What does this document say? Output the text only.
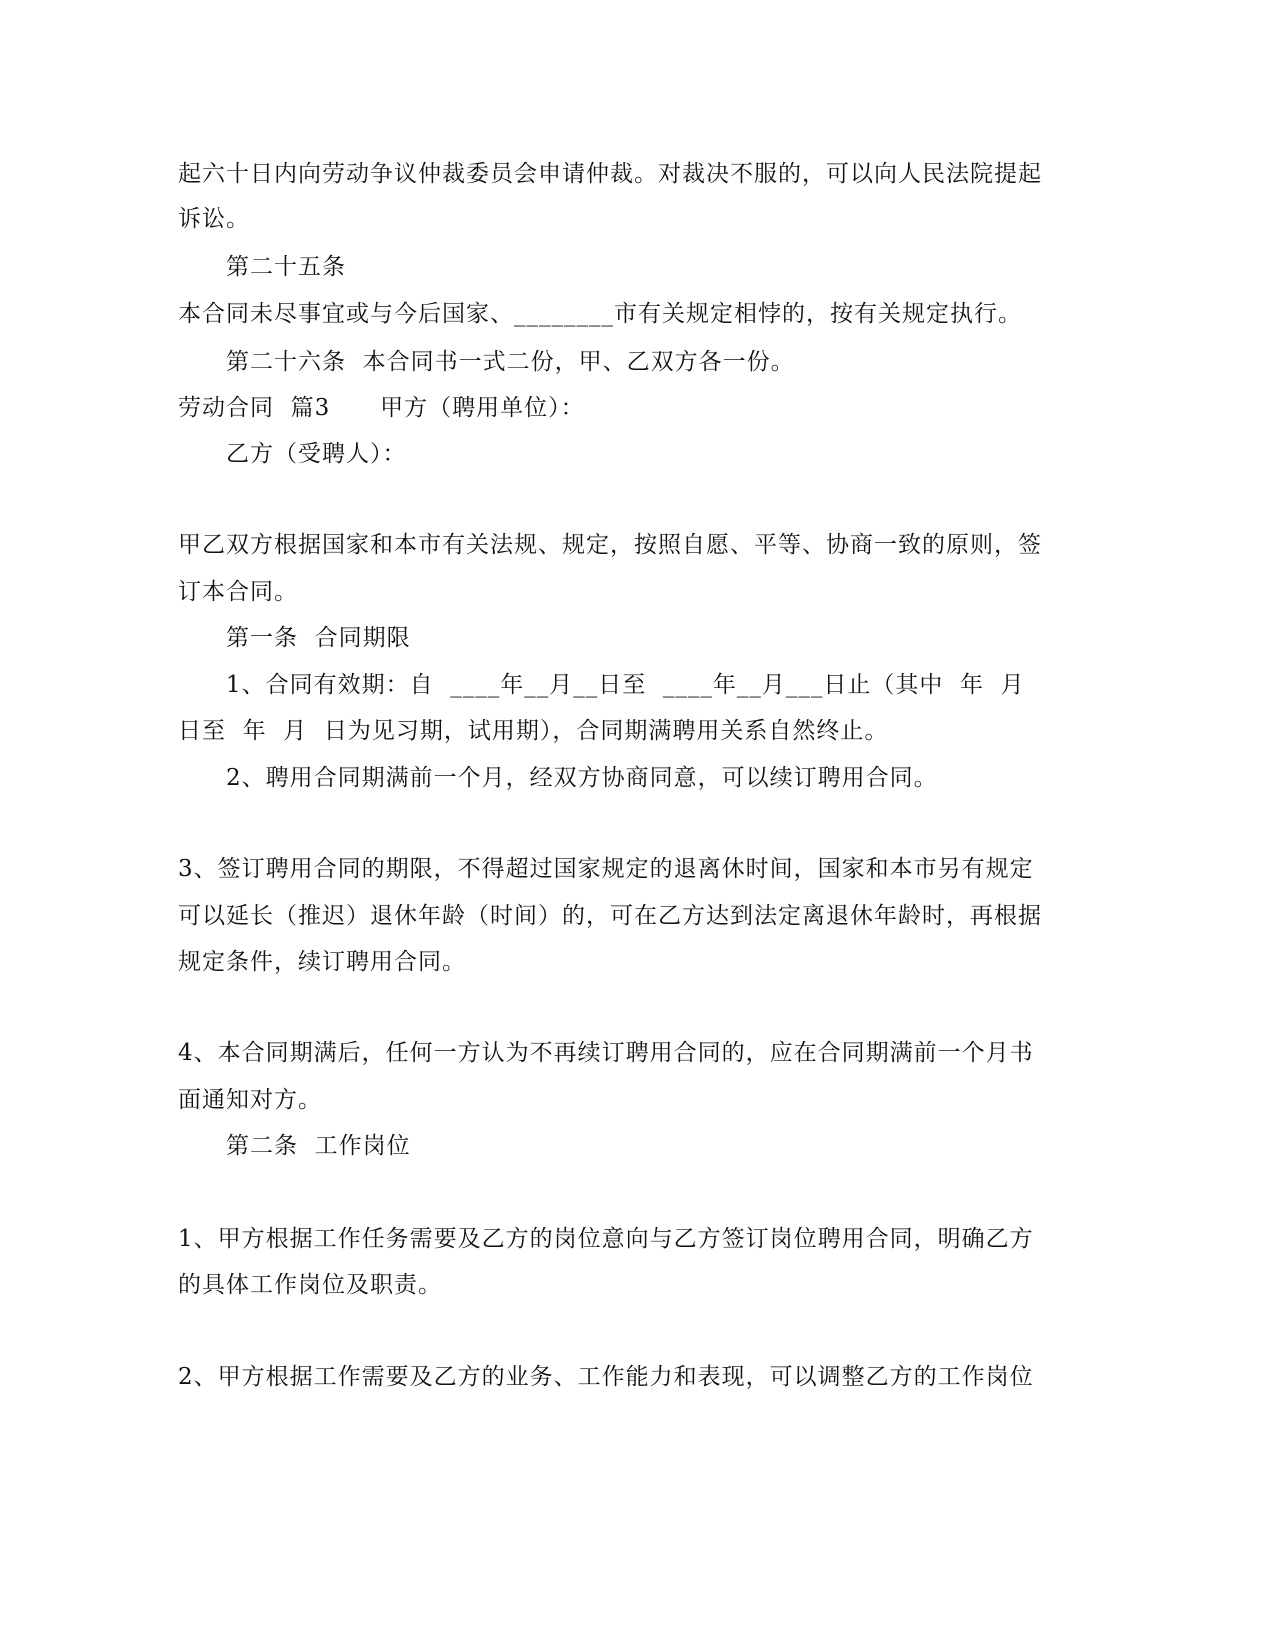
起六十日内向劳动争议仲裁委员会申请仲裁。对裁决不服的，可以向人民法院提起
诉讼。
第二十五条
本合同未尽事宜或与今后国家、________市有关规定相悖的，按有关规定执行。
第二十六条  本合同书一式二份，甲、乙双方各一份。
劳动合同  篇3      甲方（聘用单位）：
乙方（受聘人）：
甲乙双方根据国家和本市有关法规、规定，按照自愿、平等、协商一致的原则，签
订本合同。
第一条  合同期限
1、合同有效期：自  ____年__月__日至  ____年__月___日止（其中  年  月
日至  年  月  日为见习期，试用期），合同期满聘用关系自然终止。
2、聘用合同期满前一个月，经双方协商同意，可以续订聘用合同。
3、签订聘用合同的期限，不得超过国家规定的退离休时间，国家和本市另有规定
可以延长（推迟）退休年龄（时间）的，可在乙方达到法定离退休年龄时，再根据
规定条件，续订聘用合同。
4、本合同期满后，任何一方认为不再续订聘用合同的，应在合同期满前一个月书
面通知对方。
第二条  工作岗位
1、甲方根据工作任务需要及乙方的岗位意向与乙方签订岗位聘用合同，明确乙方
的具体工作岗位及职责。
2、甲方根据工作需要及乙方的业务、工作能力和表现，可以调整乙方的工作岗位
